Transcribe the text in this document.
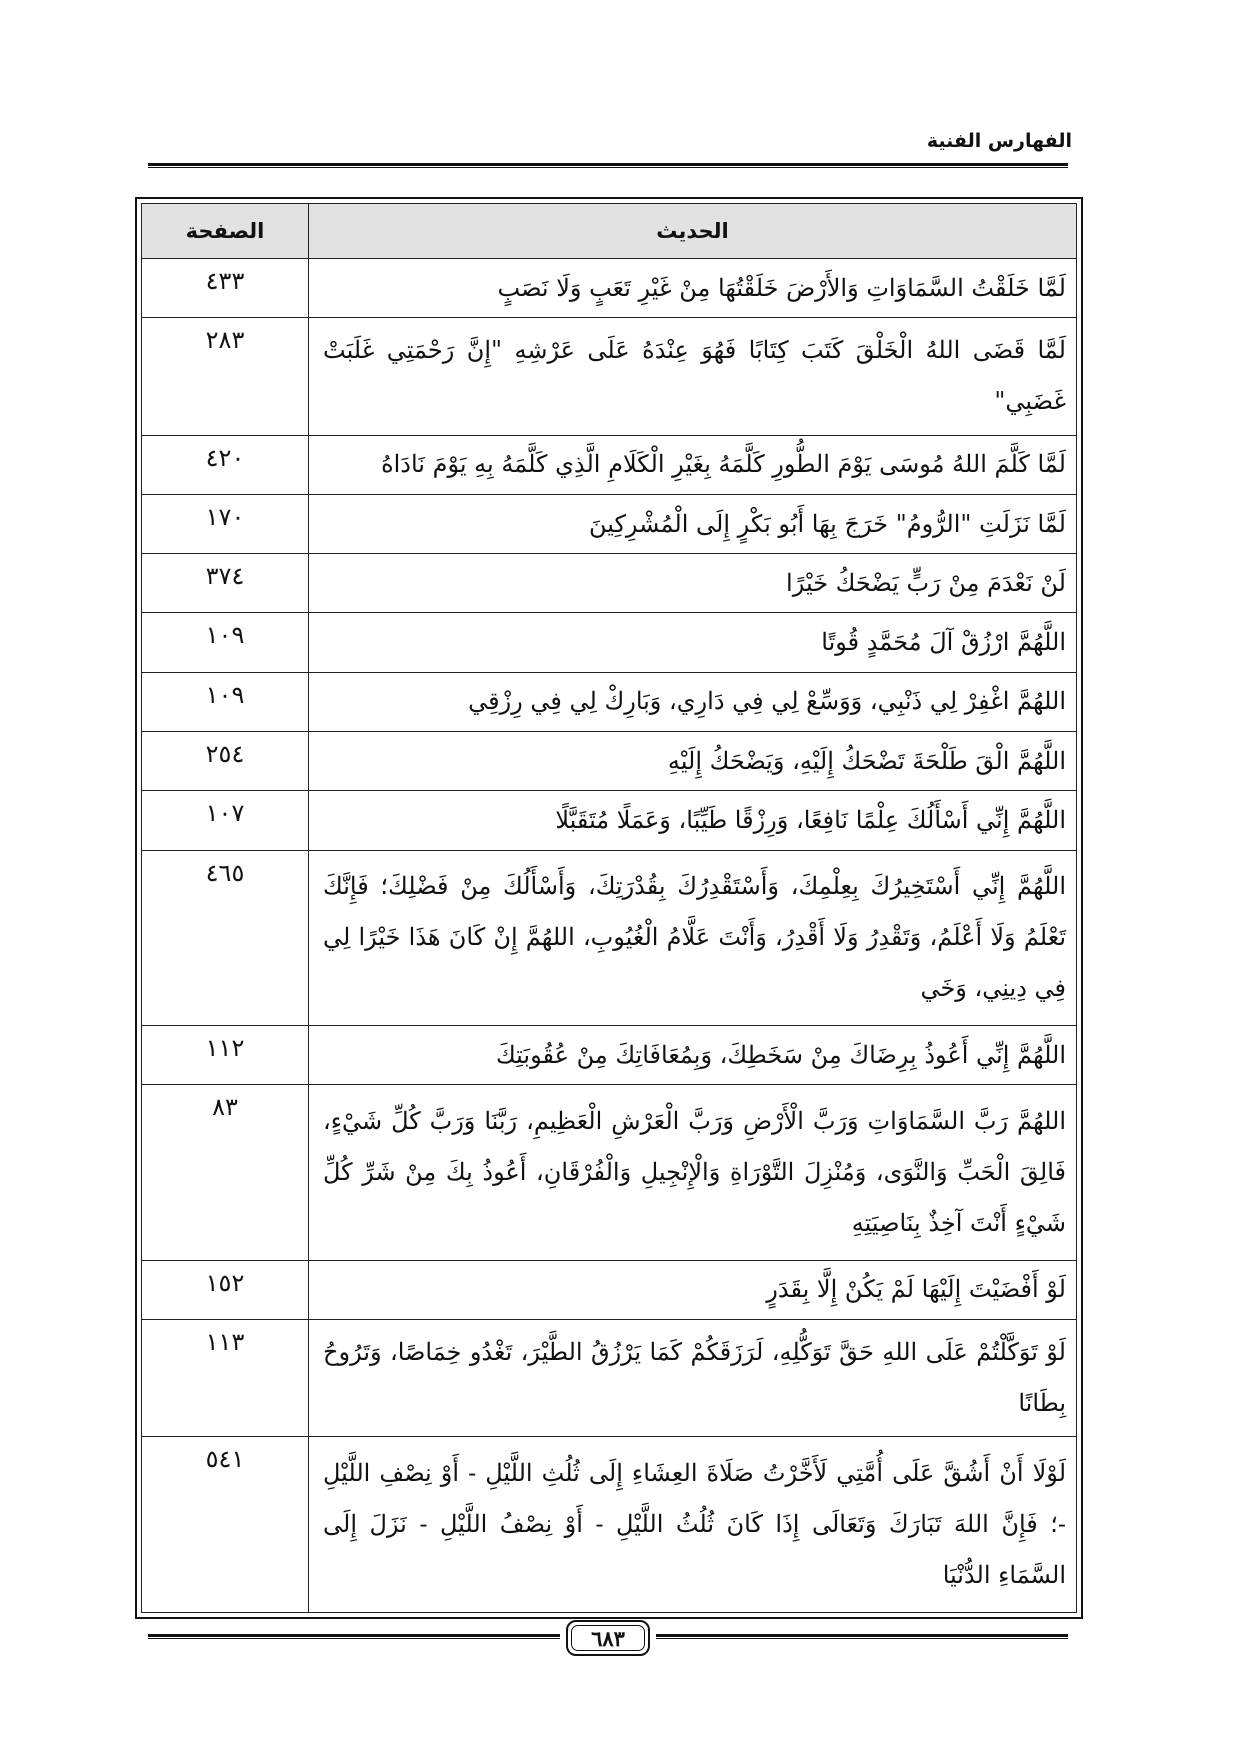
الفهارس الفنية
الحديث	الصفحة
لَمَّا خَلَقْتُ السَّمَاوَاتِ وَالأَرْضَ خَلَقْتُهَا مِنْ غَيْرِ تَعَبٍ وَلَا نَصَبٍ	٤٣٣
لَمَّا قَضَى اللهُ الْخَلْقَ كَتَبَ كِتَابًا فَهُوَ عِنْدَهُ عَلَى عَرْشِهِ "إِنَّ رَحْمَتِي غَلَبَتْ غَضَبِي"	٢٨٣
لَمَّا كَلَّمَ اللهُ مُوسَى يَوْمَ الطُّورِ كَلَّمَهُ بِغَيْرِ الْكَلَامِ الَّذِي كَلَّمَهُ بِهِ يَوْمَ نَادَاهُ	٤٢٠
لَمَّا نَزَلَتِ "الرُّومُ" خَرَجَ بِهَا أَبُو بَكْرٍ إِلَى الْمُشْرِكِينَ	١٧٠
لَنْ نَعْدَمَ مِنْ رَبٍّ يَضْحَكُ خَيْرًا	٣٧٤
اللَّهُمَّ ارْزُقْ آلَ مُحَمَّدٍ قُوتًا	١٠٩
اللهُمَّ اغْفِرْ لِي ذَنْبِي، وَوَسِّعْ لِي فِي دَارِي، وَبَارِكْ لِي فِي رِزْقِي	١٠٩
اللَّهُمَّ الْقَ طَلْحَةَ تَضْحَكُ إِلَيْهِ، وَيَضْحَكُ إِلَيْهِ	٢٥٤
اللَّهُمَّ إِنِّي أَسْأَلُكَ عِلْمًا نَافِعًا، وَرِزْقًا طَيِّبًا، وَعَمَلًا مُتَقَبَّلًا	١٠٧
اللَّهُمَّ إِنِّي أَسْتَخِيرُكَ بِعِلْمِكَ، وَأَسْتَقْدِرُكَ بِقُدْرَتِكَ، وَأَسْأَلُكَ مِنْ فَضْلِكَ؛ فَإِنَّكَ تَعْلَمُ وَلَا أَعْلَمُ، وَتَقْدِرُ وَلَا أَقْدِرُ، وَأَنْتَ عَلَّامُ الْغُيُوبِ، اللهُمَّ إِنْ كَانَ هَذَا خَيْرًا لِي فِي دِينِي، وَخَي	٤٦٥
اللَّهُمَّ إِنِّي أَعُوذُ بِرِضَاكَ مِنْ سَخَطِكَ، وَبِمُعَافَاتِكَ مِنْ عُقُوبَتِكَ	١١٢
اللهُمَّ رَبَّ السَّمَاوَاتِ وَرَبَّ الْأَرْضِ وَرَبَّ الْعَرْشِ الْعَظِيمِ، رَبَّنَا وَرَبَّ كُلِّ شَيْءٍ، فَالِقَ الْحَبِّ وَالنَّوَى، وَمُنْزِلَ التَّوْرَاةِ وَالْإِنْجِيلِ وَالْفُرْقَانِ، أَعُوذُ بِكَ مِنْ شَرِّ كُلِّ شَيْءٍ أَنْتَ آخِذٌ بِنَاصِيَتِهِ	٨٣
لَوْ أَفْضَيْتَ إِلَيْهَا لَمْ يَكُنْ إِلَّا بِقَدَرٍ	١٥٢
لَوْ تَوَكَّلْتُمْ عَلَى اللهِ حَقَّ تَوَكُّلِهِ، لَرَزَقَكُمْ كَمَا يَرْزُقُ الطَّيْرَ، تَغْدُو خِمَاصًا، وَتَرُوحُ بِطَانًا	١١٣
لَوْلَا أَنْ أَشُقَّ عَلَى أُمَّتِي لَأَخَّرْتُ صَلَاةَ العِشَاءِ إِلَى ثُلُثِ اللَّيْلِ - أَوْ نِصْفِ اللَّيْلِ -؛ فَإِنَّ اللهَ تَبَارَكَ وَتَعَالَى إِذَا كَانَ ثُلُثُ اللَّيْلِ - أَوْ نِصْفُ اللَّيْلِ - نَزَلَ إِلَى السَّمَاءِ الدُّنْيَا	٥٤١
٦٨٣
